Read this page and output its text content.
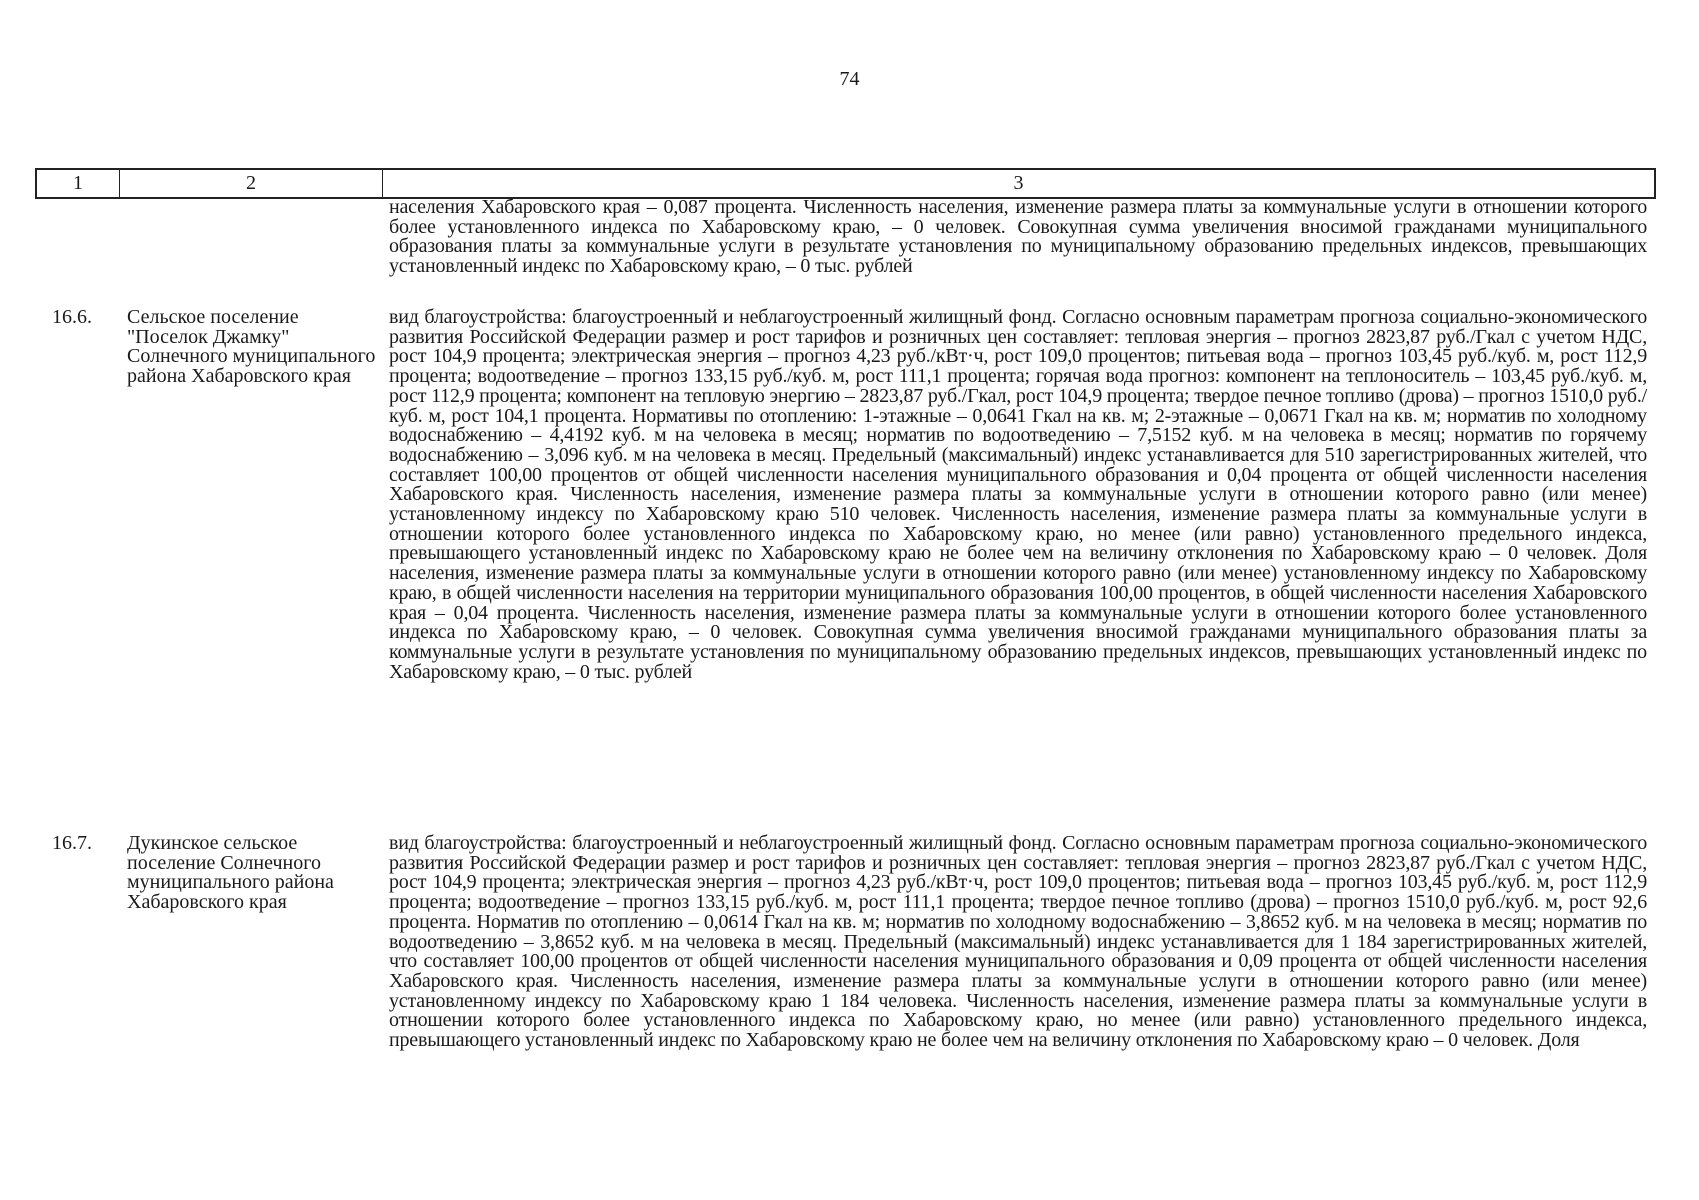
74
1	2	3
населения Хабаровского края – 0,087 процента. Численность населения, изменение размера платы за коммунальные услуги в отношении которого более установленного индекса по Хабаровскому краю, – 0 человек. Совокупная сумма увеличения вносимой гражданами муниципального образования платы за коммунальные услуги в результате установления по муниципальному образованию предельных индексов, превышающих установленный индекс по Хабаровскому краю, – 0 тыс. рублей
16.6. Сельское поселение "Поселок Джамку" Солнечного муниципального района Хабаровского края
вид благоустройства: благоустроенный и неблагоустроенный жилищный фонд. Согласно основным параметрам прогноза социально-экономического развития Российской Федерации размер и рост тарифов и розничных цен составляет: тепловая энергия – прогноз 2823,87 руб./Гкал с учетом НДС, рост 104,9 процента; электрическая энергия – прогноз 4,23 руб./кВт·ч, рост 109,0 процентов; питьевая вода – прогноз 103,45 руб./куб. м, рост 112,9 процента; водоотведение – прогноз 133,15 руб./куб. м, рост 111,1 процента; горячая вода прогноз: компонент на теплоноситель – 103,45 руб./куб. м, рост 112,9 процента; компонент на тепловую энергию – 2823,87 руб./Гкал, рост 104,9 процента; твердое печное топливо (дрова) – прогноз 1510,0 руб./куб. м, рост 104,1 процента. Нормативы по отоплению: 1-этажные – 0,0641 Гкал на кв. м; 2-этажные – 0,0671 Гкал на кв. м; норматив по холодному водоснабжению – 4,4192 куб. м на человека в месяц; норматив по водоотведению – 7,5152 куб. м на человека в месяц; норматив по горячему водоснабжению – 3,096 куб. м на человека в месяц. Предельный (максимальный) индекс устанавливается для 510 зарегистрированных жителей, что составляет 100,00 процентов от общей численности населения муниципального образования и 0,04 процента от общей численности населения Хабаровского края. Численность населения, изменение размера платы за коммунальные услуги в отношении которого равно (или менее) установленному индексу по Хабаровскому краю 510 человек. Численность населения, изменение размера платы за коммунальные услуги в отношении которого более установленного индекса по Хабаровскому краю, но менее (или равно) установленного предельного индекса, превышающего установленный индекс по Хабаровскому краю не более чем на величину отклонения по Хабаровскому краю – 0 человек. Доля населения, изменение размера платы за коммунальные услуги в отношении которого равно (или менее) установленному индексу по Хабаровскому краю, в общей численности населения на территории муниципального образования 100,00 процентов, в общей численности населения Хабаровского края – 0,04 процента. Численность населения, изменение размера платы за коммунальные услуги в отношении которого более установленного индекса по Хабаровскому краю, – 0 человек. Совокупная сумма увеличения вносимой гражданами муниципального образования платы за коммунальные услуги в результате установления по муниципальному образованию предельных индексов, превышающих установленный индекс по Хабаровскому краю, – 0 тыс. рублей
16.7. Дукинское сельское поселение Солнечного муниципального района Хабаровского края
вид благоустройства: благоустроенный и неблагоустроенный жилищный фонд. Согласно основным параметрам прогноза социально-экономического развития Российской Федерации размер и рост тарифов и розничных цен составляет: тепловая энергия – прогноз 2823,87 руб./Гкал с учетом НДС, рост 104,9 процента; электрическая энергия – прогноз 4,23 руб./кВт·ч, рост 109,0 процентов; питьевая вода – прогноз 103,45 руб./куб. м, рост 112,9 процента; водоотведение – прогноз 133,15 руб./куб. м, рост 111,1 процента; твердое печное топливо (дрова) – прогноз 1510,0 руб./куб. м, рост 92,6 процента. Норматив по отоплению – 0,0614 Гкал на кв. м; норматив по холодному водоснабжению – 3,8652 куб. м на человека в месяц; норматив по водоотведению – 3,8652 куб. м на человека в месяц. Предельный (максимальный) индекс устанавливается для 1 184 зарегистрированных жителей, что составляет 100,00 процентов от общей численности населения муниципального образования и 0,09 процента от общей численности населения Хабаровского края. Численность населения, изменение размера платы за коммунальные услуги в отношении которого равно (или менее) установленному индексу по Хабаровскому краю 1 184 человека. Численность населения, изменение размера платы за коммунальные услуги в отношении которого более установленного индекса по Хабаровскому краю, но менее (или равно) установленного предельного индекса, превышающего установленный индекс по Хабаровскому краю не более чем на величину отклонения по Хабаровскому краю – 0 человек. Доля
